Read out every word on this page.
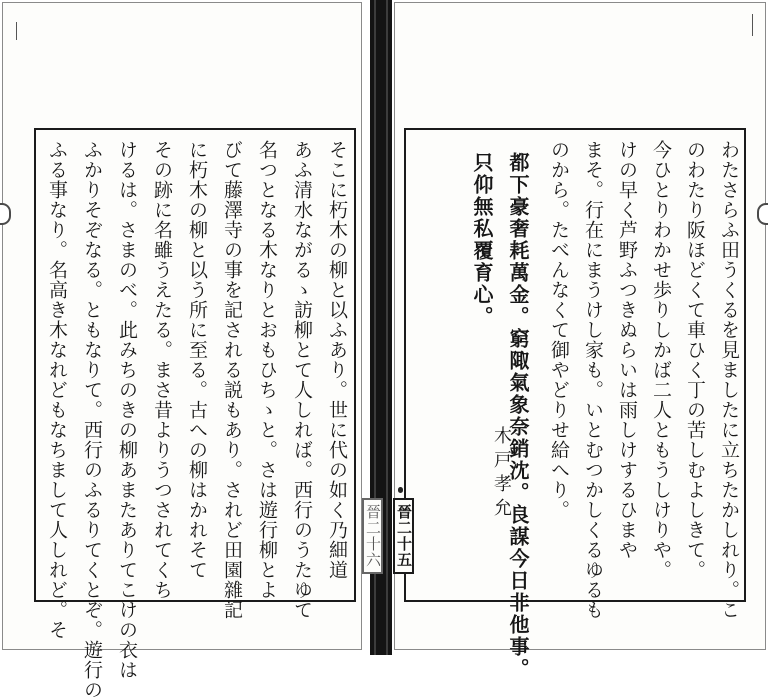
そこに朽木の柳と以ふあり。世に代の如く乃細道
あふ清水ながるゝ訪柳とて人しれば。西行のうたゆて
名つとなる木なりとおもひちゝと。さは遊行柳とよ
びて藤澤寺の事を記される説もあり。されど田園雜記
に朽木の柳と以う所に至る。古への柳はかれそて
その跡に名雖うえたる。まさ昔よりうつされてくち
けるは。さまのべ。此みちのきの柳あまたありてこけの衣は
ふかりそぞなる。ともなりて。西行のふるりてくとぞ。遊行の
ふる事なり。名高き木なれどもなちまして人しれど。そ	わたさらふ田うくるを見ましたに立ちたかしれり。こ
のわたり阪ほどくて車ひく丁の苦しむよしきて。
今ひとりわかせ歩りしかば二人ともうしけりや。
けの早く芦野ふつきぬらいは雨しけするひまや
まそ。行在にまうけし家も。いとむつかしくるゆるも
のから。たべんなくて御やどりせ給へり。
都下豪奢耗萬金。窮陬氣象奈銷沈。良謀今日非他事。
只仰無私覆育心。
木戸孝允
晉二十六 晉二十五
